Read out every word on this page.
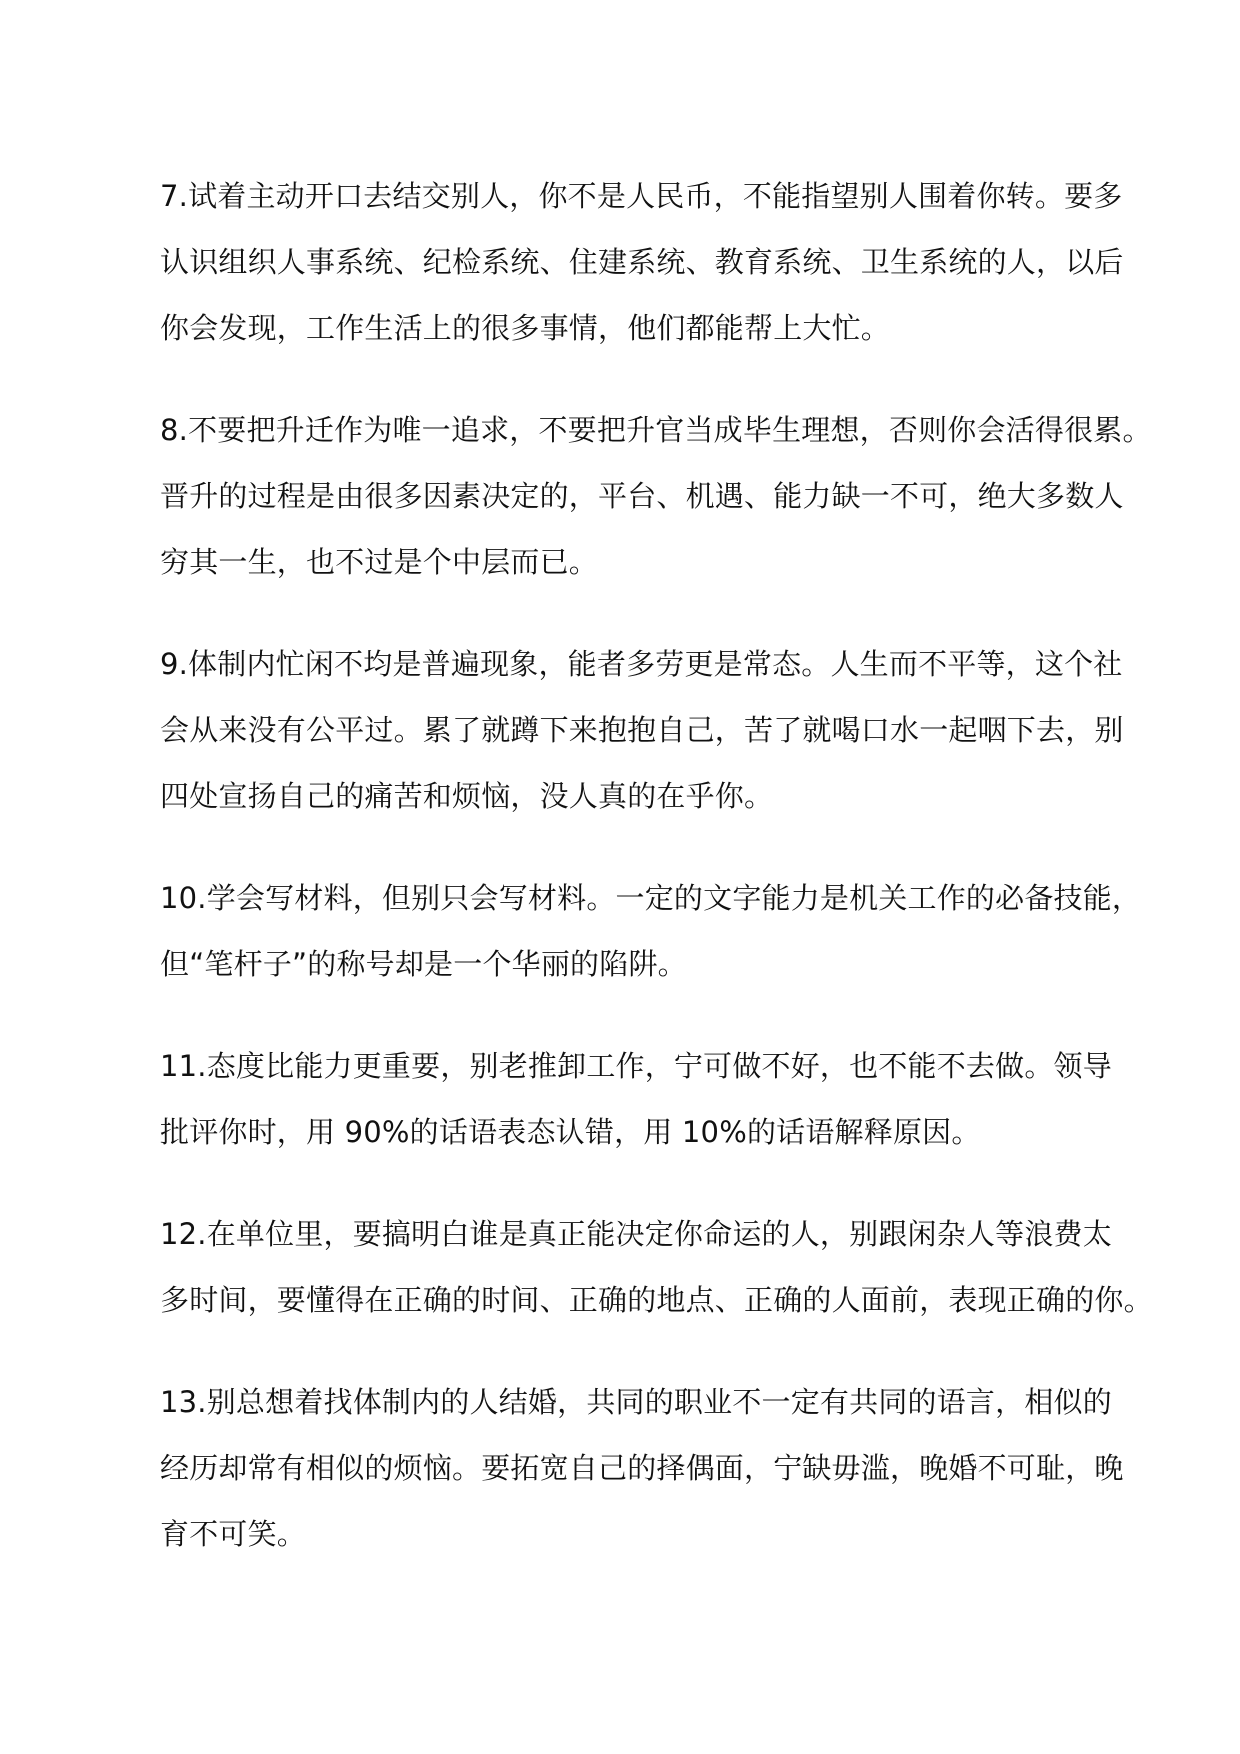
7.试着主动开口去结交别人，你不是人民币，不能指望别人围着你转。要多
认识组织人事系统、纪检系统、住建系统、教育系统、卫生系统的人，以后
你会发现，工作生活上的很多事情，他们都能帮上大忙。
8.不要把升迁作为唯一追求，不要把升官当成毕生理想，否则你会活得很累。
晋升的过程是由很多因素决定的，平台、机遇、能力缺一不可，绝大多数人
穷其一生，也不过是个中层而已。
9.体制内忙闲不均是普遍现象，能者多劳更是常态。人生而不平等，这个社
会从来没有公平过。累了就蹲下来抱抱自己，苦了就喝口水一起咽下去，别
四处宣扬自己的痛苦和烦恼，没人真的在乎你。
10.学会写材料，但别只会写材料。一定的文字能力是机关工作的必备技能，
但“笔杆子”的称号却是一个华丽的陷阱。
11.态度比能力更重要，别老推卸工作，宁可做不好，也不能不去做。领导
批评你时，用 90%的话语表态认错，用 10%的话语解释原因。
12.在单位里，要搞明白谁是真正能决定你命运的人，别跟闲杂人等浪费太
多时间，要懂得在正确的时间、正确的地点、正确的人面前，表现正确的你。
13.别总想着找体制内的人结婚，共同的职业不一定有共同的语言，相似的
经历却常有相似的烦恼。要拓宽自己的择偶面，宁缺毋滥，晚婚不可耻，晚
育不可笑。
